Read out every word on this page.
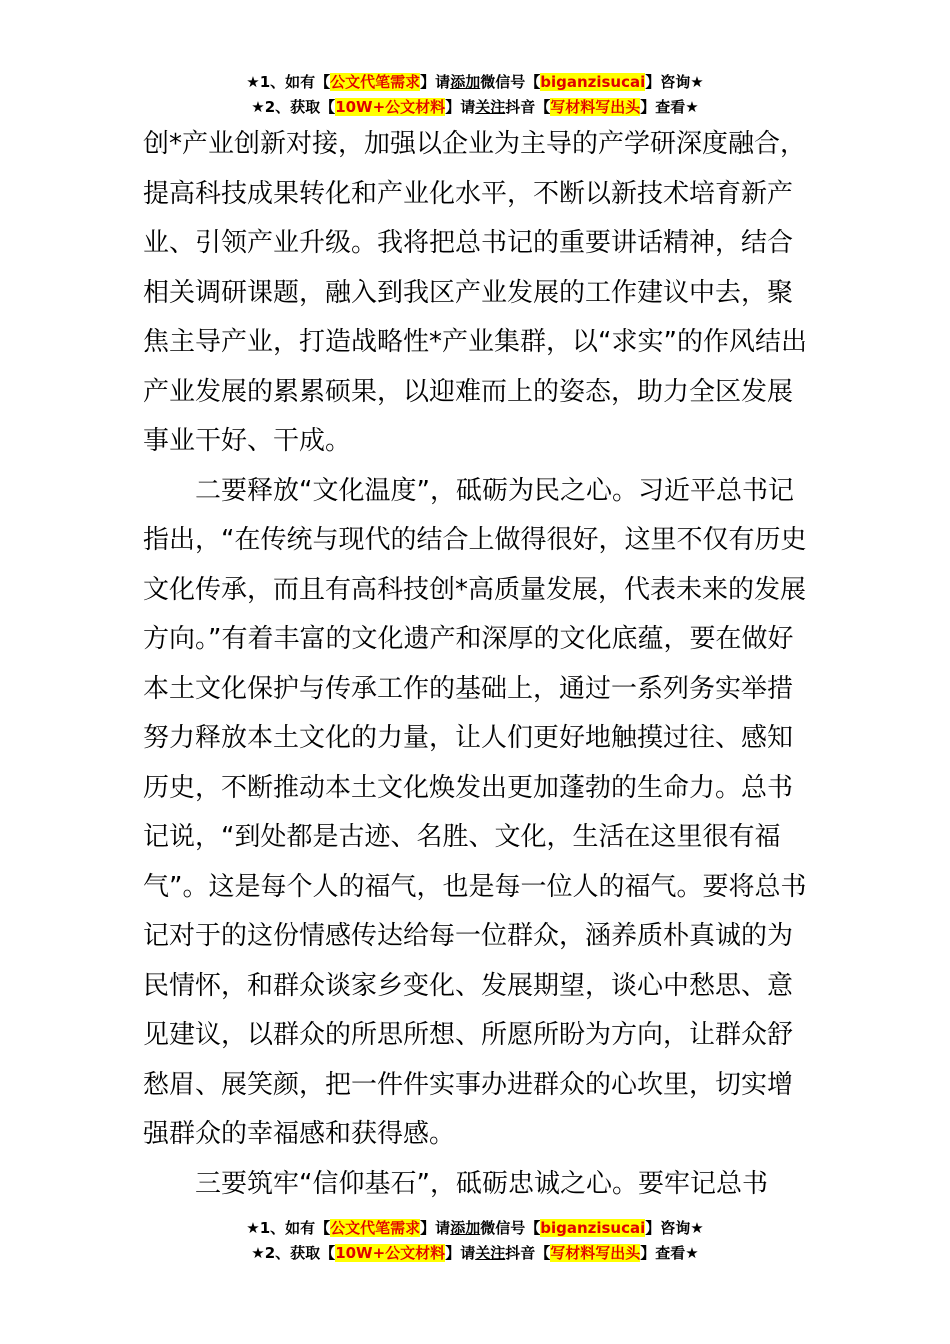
★1、如有【公文代笔需求】请添加微信号【biganzisucai】咨询★
★2、获取【10W+公文材料】请关注抖音【写材料写出头】查看★

创*产业创新对接，加强以企业为主导的产学研深度融合，提高科技成果转化和产业化水平，不断以新技术培育新产业、引领产业升级。我将把总书记的重要讲话精神，结合相关调研课题，融入到我区产业发展的工作建议中去，聚焦主导产业，打造战略性*产业集群，以“求实”的作风结出产业发展的累累硕果，以迎难而上的姿态，助力全区发展事业干好、干成。

二要释放“文化温度”，砥砺为民之心。习近平总书记指出，“在传统与现代的结合上做得很好，这里不仅有历史文化传承，而且有高科技创*高质量发展，代表未来的发展方向。”有着丰富的文化遗产和深厚的文化底蕴，要在做好本土文化保护与传承工作的基础上，通过一系列务实举措努力释放本土文化的力量，让人们更好地触摸过往、感知历史，不断推动本土文化焕发出更加蓬勃的生命力。总书记说，“到处都是古迹、名胜、文化，生活在这里很有福气”。这是每个人的福气，也是每一位人的福气。要将总书记对于的这份情感传达给每一位群众，涵养质朴真诚的为民情怀，和群众谈家乡变化、发展期望，谈心中愁思、意见建议，以群众的所思所想、所愿所盼为方向，让群众舒愁眉、展笑颜，把一件件实事办进群众的心坎里，切实增强群众的幸福感和获得感。

三要筑牢“信仰基石”，砥砺忠诚之心。要牢记总书

★1、如有【公文代笔需求】请添加微信号【biganzisucai】咨询★
★2、获取【10W+公文材料】请关注抖音【写材料写出头】查看★
